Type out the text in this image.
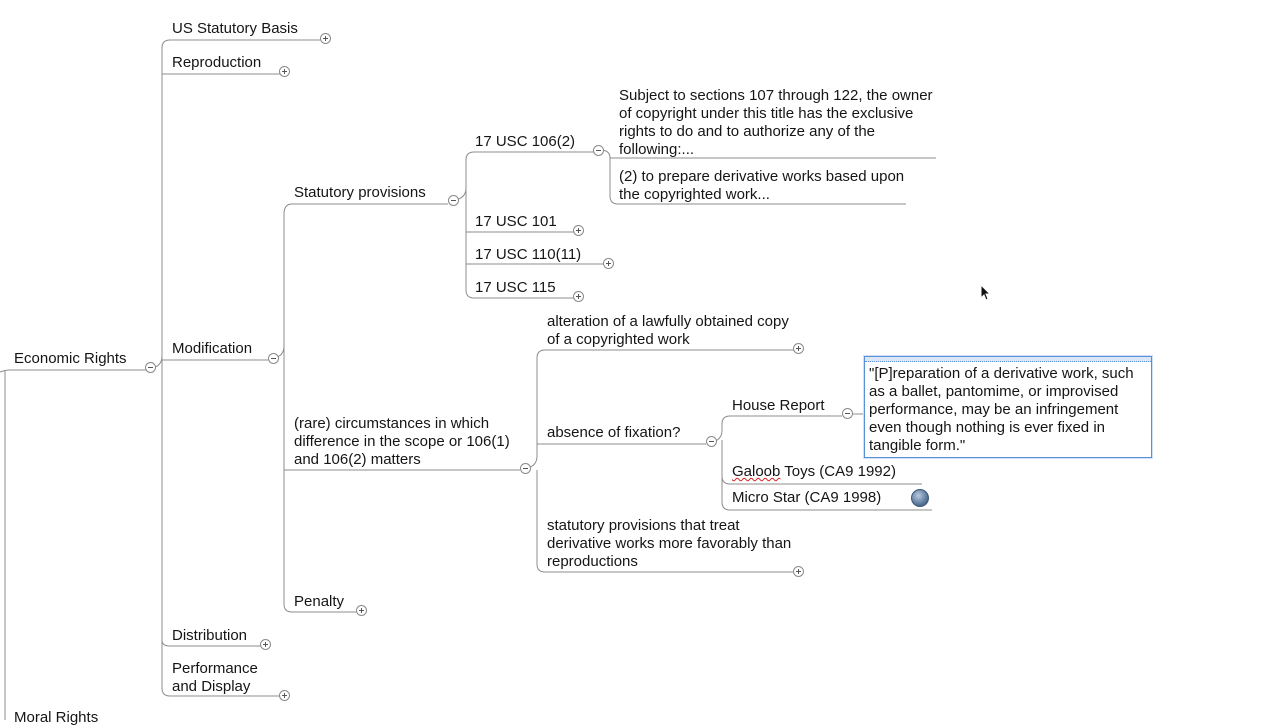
US Statutory Basis
Reproduction
Economic Rights
Modification
Statutory provisions
17 USC 106(2)
Subject to sections 107 through 122, the owner of copyright under this title has the exclusive rights to do and to authorize any of the following:...
(2) to prepare derivative works based upon the copyrighted work...
17 USC 101
17 USC 110(11)
17 USC 115
(rare) circumstances in which difference in the scope or 106(1) and 106(2) matters
alteration of a lawfully obtained copy of a copyrighted work
absence of fixation?
House Report
"[P]reparation of a derivative work, such as a ballet, pantomime, or improvised performance, may be an infringement even though nothing is ever fixed in tangible form."
Galoob Toys (CA9 1992)
Micro Star (CA9 1998)
statutory provisions that treat derivative works more favorably than reproductions
Penalty
Distribution
Performance and Display
Moral Rights
